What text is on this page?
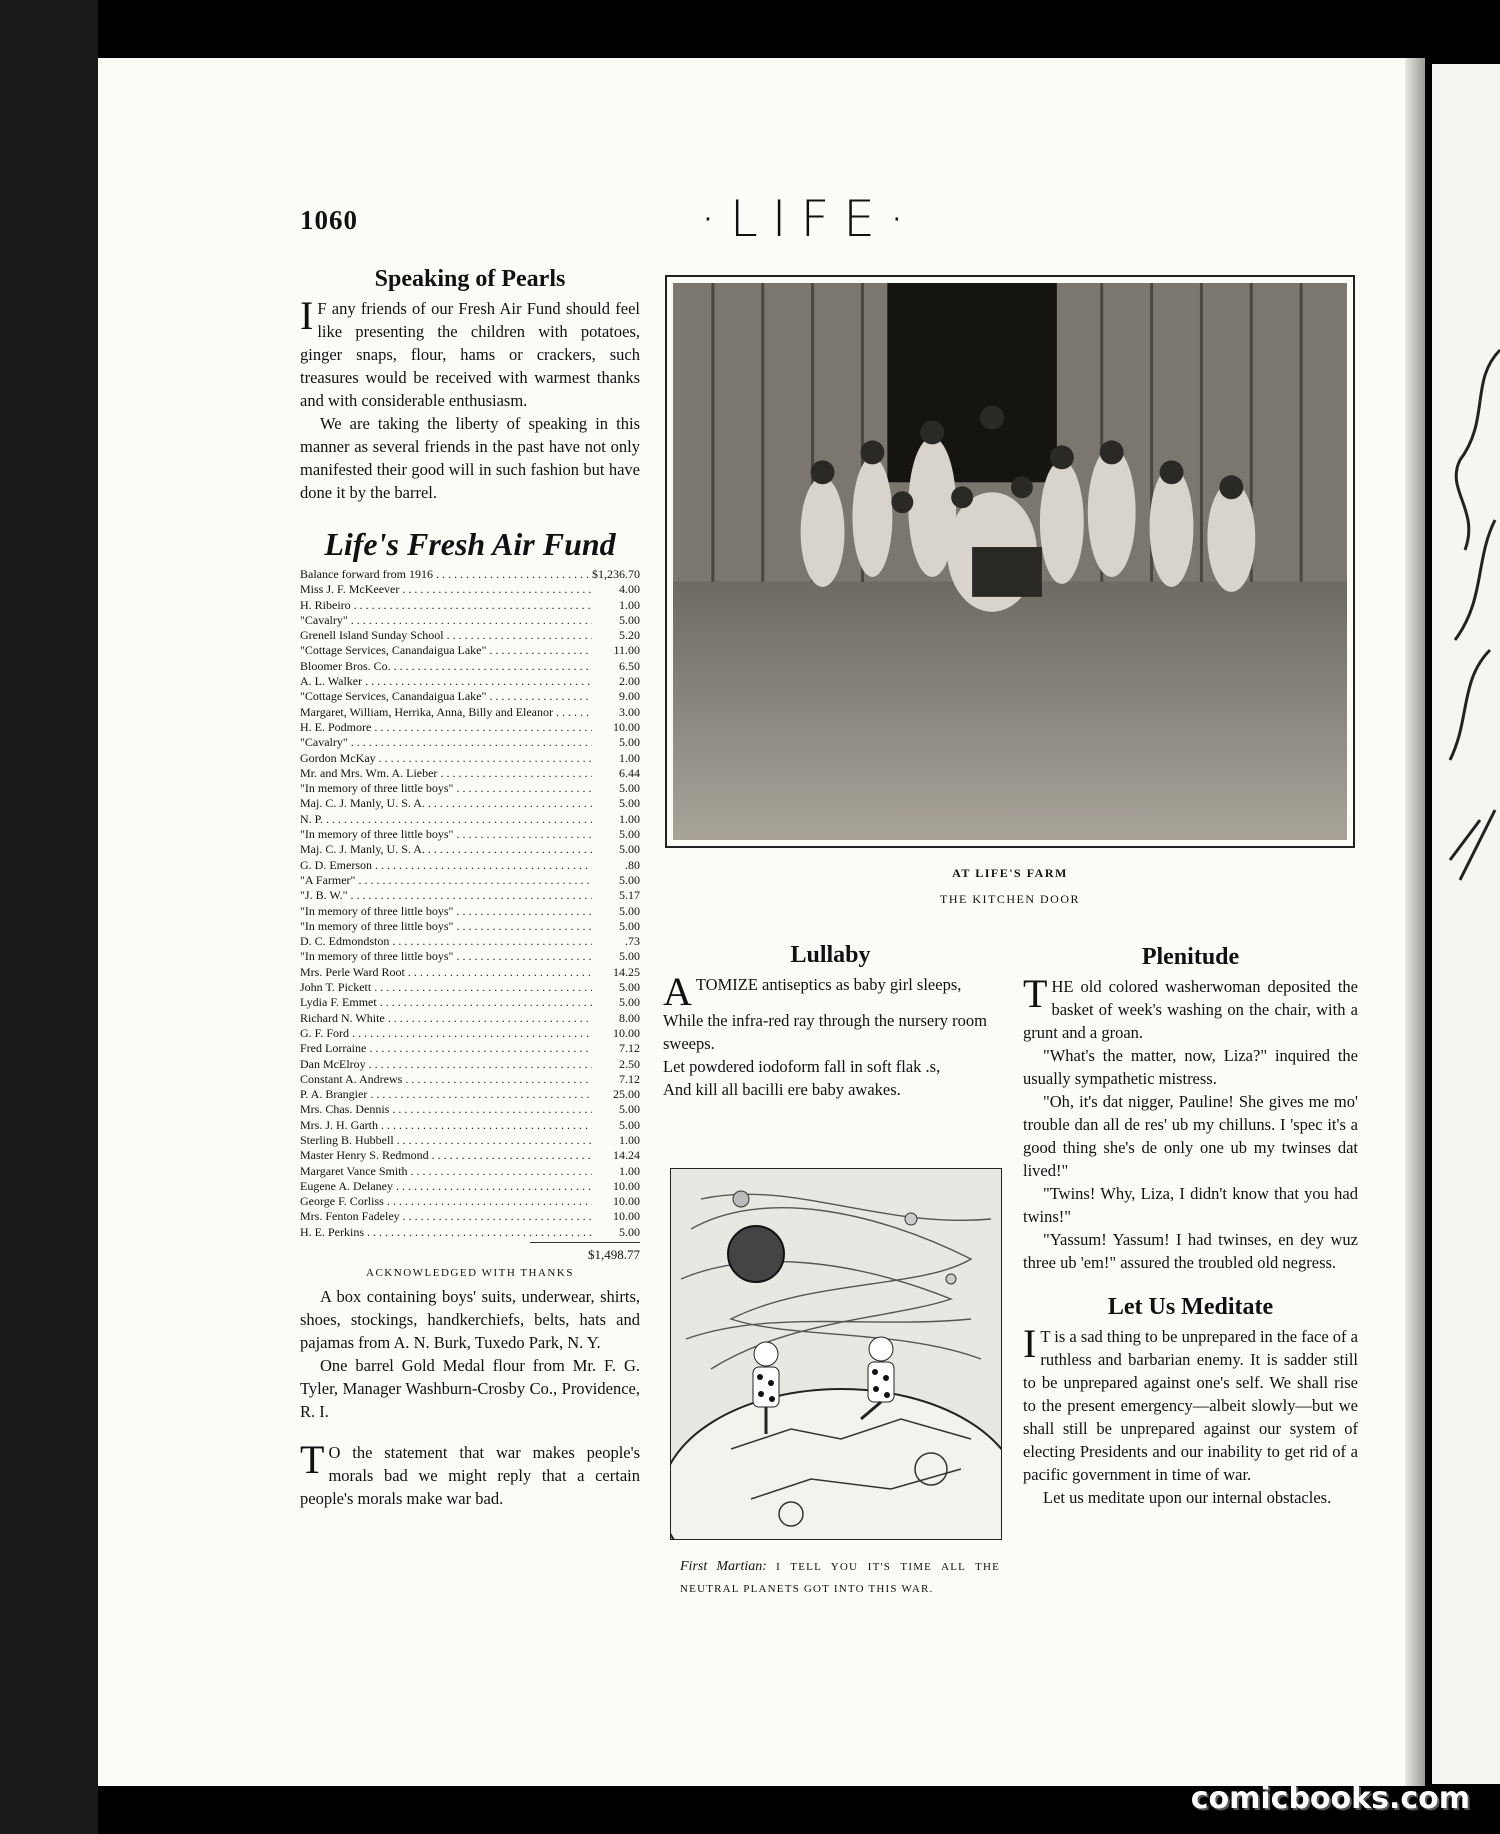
1060	·LIFE·
Speaking of Pearls

I F any friends of our Fresh Air Fund should feel like presenting the children with potatoes, ginger snaps, flour, hams or crackers, such treasures would be received with warmest thanks and with considerable enthusiasm.

We are taking the liberty of speaking in this manner as several friends in the past have not only manifested their good will in such fashion but have done it by the barrel.

Life's Fresh Air Fund
Balance forward from 1916 . . .	$1,236.70
Miss J. F. McKeever . . .	4.00
H. Ribeiro . . .	1.00
"Cavalry" . . .	5.00
Grenell Island Sunday School . . .	5.20
"Cottage Services, Canandaigua Lake" . . .	11.00
Bloomer Bros. Co. . . .	6.50
A. L. Walker . . .	2.00
"Cottage Services, Canandaigua Lake" . . .	9.00
Margaret, William, Herrika, Anna, Billy and Eleanor . . .	3.00
H. E. Podmore . . .	10.00
"Cavalry" . . .	5.00
Gordon McKay . . .	1.00
Mr. and Mrs. Wm. A. Lieber . . .	6.44
"In memory of three little boys" . . .	5.00
Maj. C. J. Manly, U. S. A. . . .	5.00
N. P. . . .	1.00
"In memory of three little boys" . . .	5.00
Maj. C. J. Manly, U. S. A. . . .	5.00
G. D. Emerson . . .	.80
"A Farmer" . . .	5.00
"J. B. W." . . .	5.17
"In memory of three little boys" . . .	5.00
"In memory of three little boys" . . .	5.00
D. C. Edmondston . . .	.73
"In memory of three little boys" . . .	5.00
Mrs. Perle Ward Root . . .	14.25
John T. Pickett . . .	5.00
Lydia F. Emmet . . .	5.00
Richard N. White . . .	8.00
G. F. Ford . . .	10.00
Fred Lorraine . . .	7.12
Dan McElroy . . .	2.50
Constant A. Andrews . . .	7.12
P. A. Brangier . . .	25.00
Mrs. Chas. Dennis . . .	5.00
Mrs. J. H. Garth . . .	5.00
Sterling B. Hubbell . . .	1.00
Master Henry S. Redmond . . .	14.24
Margaret Vance Smith . . .	1.00
Eugene A. Delaney . . .	10.00
George F. Corliss . . .	10.00
Mrs. Fenton Fadeley . . .	10.00
H. E. Perkins . . .	5.00
$1,498.77
ACKNOWLEDGED WITH THANKS

A box containing boys' suits, underwear, shirts, shoes, stockings, handkerchiefs, belts, hats and pajamas from A. N. Burk, Tuxedo Park, N. Y.

One barrel Gold Medal flour from Mr. F. G. Tyler, Manager Washburn-Crosby Co., Providence, R. I.

T O the statement that war makes people's morals bad we might reply that a certain people's morals make war bad.

AT LIFE'S FARM
THE KITCHEN DOOR
Lullaby
ATOMIZE antiseptics as baby girl sleeps,
While the infra-red ray through the nursery room sweeps.
Let powdered iodoform fall in soft flak .s,
And kill all bacilli ere baby awakes.
First Martian: I TELL YOU IT'S TIME ALL THE NEUTRAL PLANETS GOT INTO THIS WAR.
Plenitude

THE old colored washerwoman deposited the basket of week's washing on the chair, with a grunt and a groan.

"What's the matter, now, Liza?" inquired the usually sympathetic mistress.

"Oh, it's dat nigger, Pauline! She gives me mo' trouble dan all de res' ub my chilluns. I 'spec it's a good thing she's de only one ub my twinses dat lived!"

"Twins! Why, Liza, I didn't know that you had twins!"

"Yassum! Yassum! I had twinses, en dey wuz three ub 'em!" assured the troubled old negress.

Let Us Meditate

I T is a sad thing to be unprepared in the face of a ruthless and barbarian enemy. It is sadder still to be unprepared against one's self. We shall rise to the present emergency—albeit slowly—but we shall still be unprepared against our system of electing Presidents and our inability to get rid of a pacific government in time of war.

Let us meditate upon our internal obstacles.

comicbooks.com
